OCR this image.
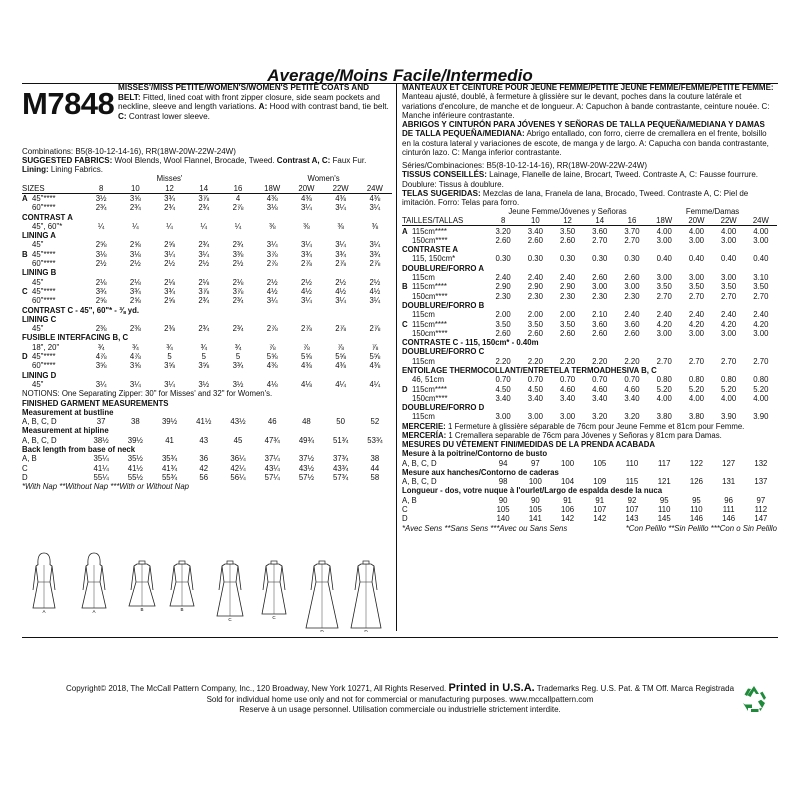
Average/Moins Facile/Intermedio
M7848 MISSES'/MISS PETITE/WOMEN'S/WOMEN'S PETITE COATS AND BELT: Fitted, lined coat with front zipper closure, side seam pockets and neckline, sleeve and length variations. A: Hood with contrast band, tie belt. C: Contrast lower sleeve.
Combinations: B5(8-10-12-14-16), RR(18W-20W-22W-24W)
SUGGESTED FABRICS: Wool Blends, Wool Flannel, Brocade, Tweed. Contrast A, C: Faux Fur. Lining: Lining Fabrics.
	Misses'					Women's			
SIZES	8	10	12	14	16	18W	20W	22W	24W
A 45"****	3½	3⅝	3¾	3⅞	4	4⅜	4⅜	4⅜	4⅜
60"****	2¾	2¾	2¾	2¾	2⅞	3⅛	3¼	3¼	3¼
CONTRAST A									
45", 60"*	¼	¼	¼	¼	¼	⅜	⅜	⅜	⅜
LINING A									
45"	2⅝	2⅝	2⅝	2¾	2¾	3¼	3¼	3¼	3¼
B 45"****	3⅛	3⅛	3¼	3¼	3⅜	3⅞	3¾	3¾	3¾
60"****	2½	2½	2½	2½	2½	2⅞	2⅞	2⅞	2⅞
LINING B									
45"	2⅛	2⅛	2⅛	2⅛	2⅛	2½	2½	2½	2½
C 45"****	3¾	3¾	3¾	3⅞	3⅞	4½	4½	4½	4½
60"****	2⅝	2⅝	2⅝	2¾	2¾	3¼	3¼	3¼	3¼
CONTRAST C - 45", 60"* - ⅜ yd.									
LINING C									
45"	2⅜	2⅜	2⅜	2¾	2¾	2⅞	2⅞	2⅞	2⅞
FUSIBLE INTERFACING B, C									
18", 20"	¾	¾	¾	¾	¾	⅞	⅞	⅞	⅞
D 45"****	4⅞	4⅞	5	5	5	5⅝	5⅝	5⅝	5⅝
60"****	3⅝	3⅝	3⅝	3⅝	3¾	4⅜	4⅜	4⅜	4⅜
LINING D									
45"	3¼	3¼	3¼	3½	3½	4⅛	4⅛	4¼	4¼
NOTIONS: One Separating Zipper: 30" for Misses' and 32" for Women's.									
FINISHED GARMENT MEASUREMENTS									
Measurement at bustline									
A, B, C, D	37	38	39½	41½	43½	46	48	50	52
Measurement at hipline									
A, B, C, D	38½	39½	41	43	45	47¾	49¾	51¾	53¾
Back length from base of neck									
A, B	35¼	35½	35¾	36	36¼	37¼	37½	37¾	38
C	41¼	41½	41¾	42	42¼	43¼	43½	43¾	44
D	55¼	55½	55¾	56	56¼	57¼	57½	57¾	58
*With Nap **Without Nap ***With or Without Nap									
MANTEAUX ET CEINTURE POUR JEUNE FEMME/PETITE JEUNE FEMME/FEMME/PETITE FEMME: Manteau ajusté, doublé, à fermeture à glissière sur le devant, poches dans la couture latérale et variations d'encolure, de manche et de longueur. A: Capuchon à bande contrastante, ceinture nouée. C: Manche inférieure contrastante.
ABRIGOS Y CINTURÓN PARA JÓVENES Y SEÑORAS DE TALLA PEQUEÑA/MEDIANA Y DAMAS DE TALLA PEQUEÑA/MEDIANA: Abrigo entallado, con forro, cierre de cremallera en el frente, bolsillo en la costura lateral y variaciones de escote, de manga y de largo. A: Capucha con banda contrastante, cinturón lazo. C: Manga inferior contrastante.
Séries/Combinaciones: B5(8-10-12-14-16), RR(18W-20W-22W-24W)
TISSUS CONSEILLÉS: Lainage, Flanelle de laine, Brocart, Tweed. Contraste A, C: Fausse fourrure. Doublure: Tissus à doublure.
TELAS SUGERIDAS: Mezclas de lana, Franela de lana, Brocado, Tweed. Contraste A, C: Piel de imitación. Forro: Telas para forro.
	Jeune Femme/Jóvenes y Señoras					Femme/Damas			
TAILLES/TALLAS	8	10	12	14	16	18W	20W	22W	24W
A 115cm****	3.20	3.40	3.50	3.60	3.70	4.00	4.00	4.00	4.00
150cm****	2.60	2.60	2.60	2.70	2.70	3.00	3.00	3.00	3.00
CONTRASTE A									
115, 150cm*	0.30	0.30	0.30	0.30	0.30	0.40	0.40	0.40	0.40
DOUBLURE/FORRO A									
115cm	2.40	2.40	2.40	2.60	2.60	3.00	3.00	3.00	3.10
B 115cm****	2.90	2.90	2.90	3.00	3.00	3.50	3.50	3.50	3.50
150cm****	2.30	2.30	2.30	2.30	2.30	2.70	2.70	2.70	2.70
DOUBLURE/FORRO B									
115cm	2.00	2.00	2.00	2.10	2.40	2.40	2.40	2.40	2.40
C 115cm****	3.50	3.50	3.50	3.60	3.60	4.20	4.20	4.20	4.20
150cm****	2.60	2.60	2.60	2.60	2.60	3.00	3.00	3.00	3.00
CONTRASTE C - 115, 150cm* - 0.40m									
DOUBLURE/FORRO C									
115cm	2.20	2.20	2.20	2.20	2.20	2.70	2.70	2.70	2.70
ENTOILAGE THERMOCOLLANT/ENTRETELA TERMOADHESIVA B, C									
46, 51cm	0.70	0.70	0.70	0.70	0.70	0.80	0.80	0.80	0.80
D 115cm****	4.50	4.50	4.60	4.60	4.60	5.20	5.20	5.20	5.20
150cm****	3.40	3.40	3.40	3.40	3.40	4.00	4.00	4.00	4.00
DOUBLURE/FORRO D									
115cm	3.00	3.00	3.00	3.20	3.20	3.80	3.80	3.90	3.90
MERCERIE: 1 Fermeture à glissière séparable de 76cm pour Jeune Femme et 81cm pour Femme.									
MERCERÍA: 1 Cremallera separable de 76cm para Jóvenes y Señoras y 81cm para Damas.									
MESURES DU VÊTEMENT FINI/MEDIDAS DE LA PRENDA ACABADA									
Mesure à la poitrine/Contorno de busto									
A, B, C, D	94	97	100	105	110	117	122	127	132
Mesure aux hanches/Contorno de caderas									
A, B, C, D	98	100	104	109	115	121	126	131	137
Longueur - dos, votre nuque à l'ourlet/Largo de espalda desde la nuca									
A, B	90	90	91	91	92	95	95	96	97
C	105	105	106	107	107	110	110	111	112
D	140	141	142	142	143	145	146	146	147
*Avec Sens **Sans Sens ***Avec ou Sans Sens					*Con Pelillo **Sin Pelillo ***Con o Sin Pelillo				
A	A	B	B
C	C
D	D
Copyright© 2018, The McCall Pattern Company, Inc., 120 Broadway, New York 10271, All Rights Reserved. Printed in U.S.A. Trademarks Reg. U.S. Pat. & TM Off. Marca Registrada
Sold for individual home use only and not for commercial or manufacturing purposes. www.mccallpattern.com
Reserve à un usage personnel. Utilisation commerciale ou industrielle strictement interdite.
